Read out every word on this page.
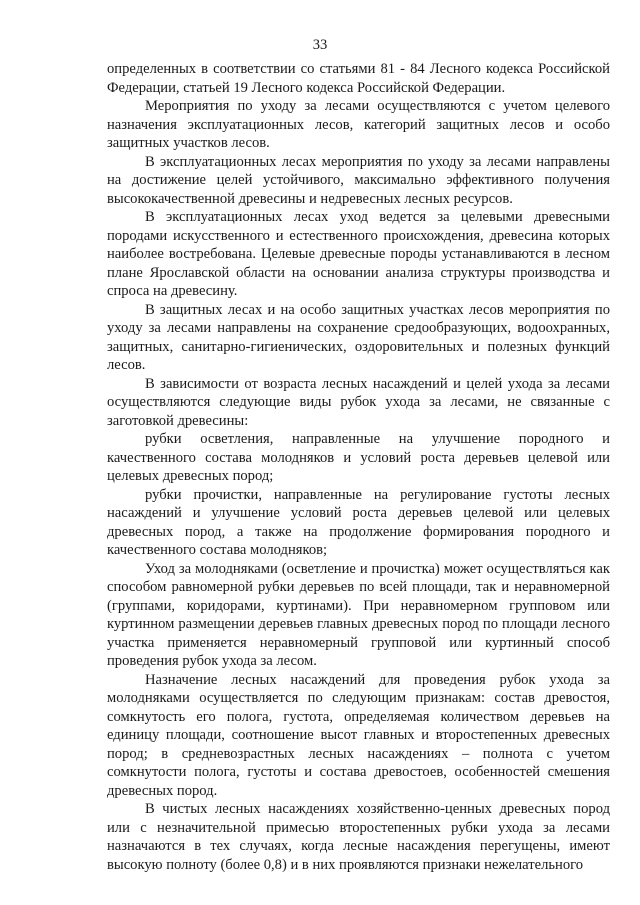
33

определенных в соответствии со статьями 81 - 84 Лесного кодекса Российской Федерации, статьей 19 Лесного кодекса Российской Федерации.

Мероприятия по уходу за лесами осуществляются с учетом целевого назначения эксплуатационных лесов, категорий защитных лесов и особо защитных участков лесов.

В эксплуатационных лесах мероприятия по уходу за лесами направлены на достижение целей устойчивого, максимально эффективного получения высококачественной древесины и недревесных лесных ресурсов.

В эксплуатационных лесах уход ведется за целевыми древесными породами искусственного и естественного происхождения, древесина которых наиболее востребована. Целевые древесные породы устанавливаются в лесном плане Ярославской области на основании анализа структуры производства и спроса на древесину.

В защитных лесах и на особо защитных участках лесов мероприятия по уходу за лесами направлены на сохранение средообразующих, водоохранных, защитных, санитарно-гигиенических, оздоровительных и полезных функций лесов.

В зависимости от возраста лесных насаждений и целей ухода за лесами осуществляются следующие виды рубок ухода за лесами, не связанные с заготовкой древесины:

рубки осветления, направленные на улучшение породного и качественного состава молодняков и условий роста деревьев целевой или целевых древесных пород;

рубки прочистки, направленные на регулирование густоты лесных насаждений и улучшение условий роста деревьев целевой или целевых древесных пород, а также на продолжение формирования породного и качественного состава молодняков;

Уход за молодняками (осветление и прочистка) может осуществляться как способом равномерной рубки деревьев по всей площади, так и неравномерной (группами, коридорами, куртинами). При неравномерном групповом или куртинном размещении деревьев главных древесных пород по площади лесного участка применяется неравномерный групповой или куртинный способ проведения рубок ухода за лесом.

Назначение лесных насаждений для проведения рубок ухода за молодняками осуществляется по следующим признакам: состав древостоя, сомкнутость его полога, густота, определяемая количеством деревьев на единицу площади, соотношение высот главных и второстепенных древесных пород; в средневозрастных лесных насаждениях – полнота с учетом сомкнутости полога, густоты и состава древостоев, особенностей смешения древесных пород.

В чистых лесных насаждениях хозяйственно-ценных древесных пород или с незначительной примесью второстепенных рубки ухода за лесами назначаются в тех случаях, когда лесные насаждения перегущены, имеют высокую полноту (более 0,8) и в них проявляются признаки нежелательного
